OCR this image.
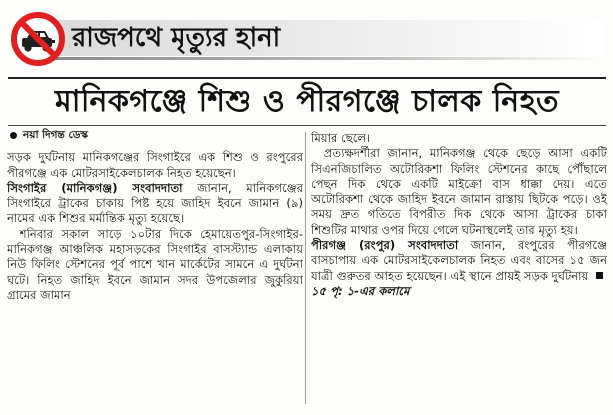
রাজপথে মৃত্যুর হানা
মানিকগঞ্জে শিশু ও পীরগঞ্জে চালক নিহত

নয়া দিগন্ত ডেস্ক

সড়ক দুর্ঘটনায় মানিকগঞ্জের সিংগাইরে এক শিশু ও রংপুরের পীরগঞ্জে এক মোটরসাইকেলচালক নিহত হয়েছেন।

সিংগাইর (মানিকগঞ্জ) সংবাদদাতা জানান, মানিকগঞ্জের সিংগাইরে ট্রাকের চাকায় পিষ্ট হয়ে জাহিদ ইবনে জামান (৯) নামের এক শিশুর মর্মান্তিক মৃত্যু হয়েছে।

শনিবার সকাল সাড়ে ১০টার দিকে হেমায়েতপুর-সিংগাইর-মানিকগঞ্জ আঞ্চলিক মহাসড়কের সিংগাইর বাসস্ট্যান্ড এলাকায় নিউ ফিলিং স্টেশনের পূর্ব পাশে খান মার্কেটের সামনে এ দুর্ঘটনা ঘটে। নিহত জাহিদ ইবনে জামান সদর উপজেলার জুকুরিয়া গ্রামের জামান

মিয়ার ছেলে।

প্রত্যক্ষদর্শীরা জানান, মানিকগঞ্জ থেকে ছেড়ে আসা একটি সিএনজিচালিত অটোরিকশা ফিলিং স্টেশনের কাছে পৌঁছালে পেছন দিক থেকে একটি মাইক্রো বাস ধাক্কা দেয়। এতে অটোরিকশা থেকে জাহিদ ইবনে জামান রাস্তায় ছিটকে পড়ে। ওই সময় দ্রুত গতিতে বিপরীত দিক থেকে আসা ট্রাকের চাকা শিশুটির মাথার ওপর দিয়ে গেলে ঘটনাস্থলেই তার মৃত্যু হয়।

পীরগঞ্জ (রংপুর) সংবাদদাতা জানান, রংপুরের পীরগঞ্জে বাসচাপায় এক মোটরসাইকেলচালক নিহত এবং বাসের ১৫ জন যাত্রী গুরুতর আহত হয়েছেন। এই স্থানে প্রায়ই সড়ক দুর্ঘটনায় ১৫ পৃ: ১-এর কলামে
